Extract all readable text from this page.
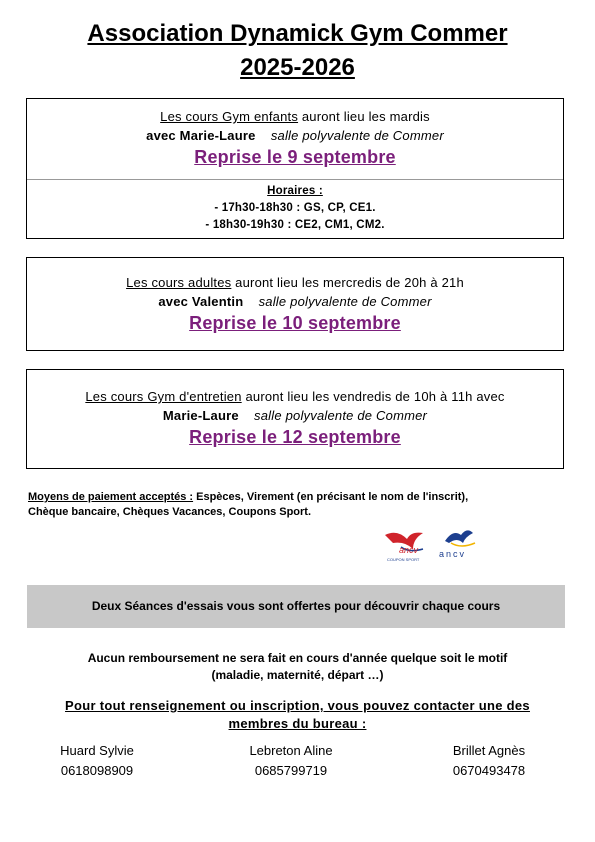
Association Dynamick Gym Commer
2025-2026
Les cours Gym enfants auront lieu les mardis
avec Marie-Laure salle polyvalente de Commer
Reprise le 9 septembre
Horaires :
- 17h30-18h30 : GS, CP, CE1.
- 18h30-19h30 : CE2, CM1, CM2.
Les cours adultes auront lieu les mercredis de 20h à 21h
avec Valentin salle polyvalente de Commer
Reprise le 10 septembre
Les cours Gym d'entretien auront lieu les vendredis de 10h à 11h avec
Marie-Laure salle polyvalente de Commer
Reprise le 12 septembre
Moyens de paiement acceptés : Espèces, Virement (en précisant le nom de l'inscrit),
Chèque bancaire, Chèques Vacances, Coupons Sport.
ancv
COUPON SPORT
ancv
Deux Séances d'essais vous sont offertes pour découvrir chaque cours
Aucun remboursement ne sera fait en cours d'année quelque soit le motif
(maladie, maternité, départ …)
Pour tout renseignement ou inscription, vous pouvez contacter une des
membres du bureau :
Huard Sylvie
0618098909
Lebreton Aline
0685799719
Brillet Agnès
0670493478
